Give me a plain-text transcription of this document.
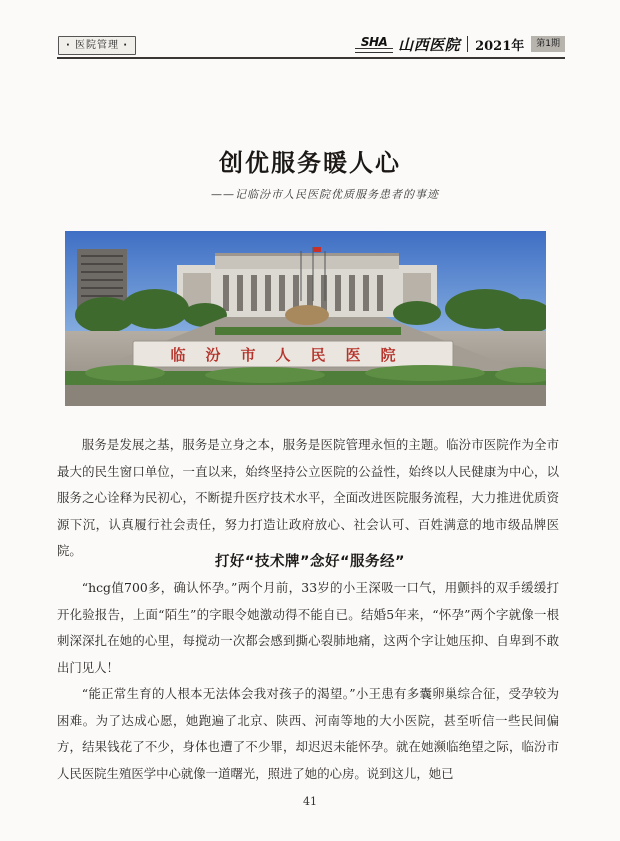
· 医院管理 ·	SHA 山西医院 2021年	第1期
创优服务暖人心
——记临汾市人民医院优质服务患者的事迹
临汾市人民医院

服务是发展之基，服务是立身之本，服务是医院管理永恒的主题。临汾市医院作为全市最大的民生窗口单位，一直以来，始终坚持公立医院的公益性，始终以人民健康为中心，以服务之心诠释为民初心，不断提升医疗技术水平，全面改进医院服务流程，大力推进优质资源下沉，认真履行社会责任，努力打造让政府放心、社会认可、百姓满意的地市级品牌医院。

打好“技术牌”念好“服务经”

“hcg值700多，确认怀孕。”两个月前，33岁的小王深吸一口气，用颤抖的双手缓缓打开化验报告，上面“陌生”的字眼令她激动得不能自已。结婚5年来，“怀孕”两个字就像一根刺深深扎在她的心里，每搅动一次都会感到撕心裂肺地痛，这两个字让她压抑、自卑到不敢出门见人！

“能正常生育的人根本无法体会我对孩子的渴望。”小王患有多囊卵巢综合征，受孕较为困难。为了达成心愿，她跑遍了北京、陕西、河南等地的大小医院，甚至听信一些民间偏方，结果钱花了不少，身体也遭了不少罪，却迟迟未能怀孕。就在她濒临绝望之际，临汾市人民医院生殖医学中心就像一道曙光，照进了她的心房。说到这儿，她已

41
